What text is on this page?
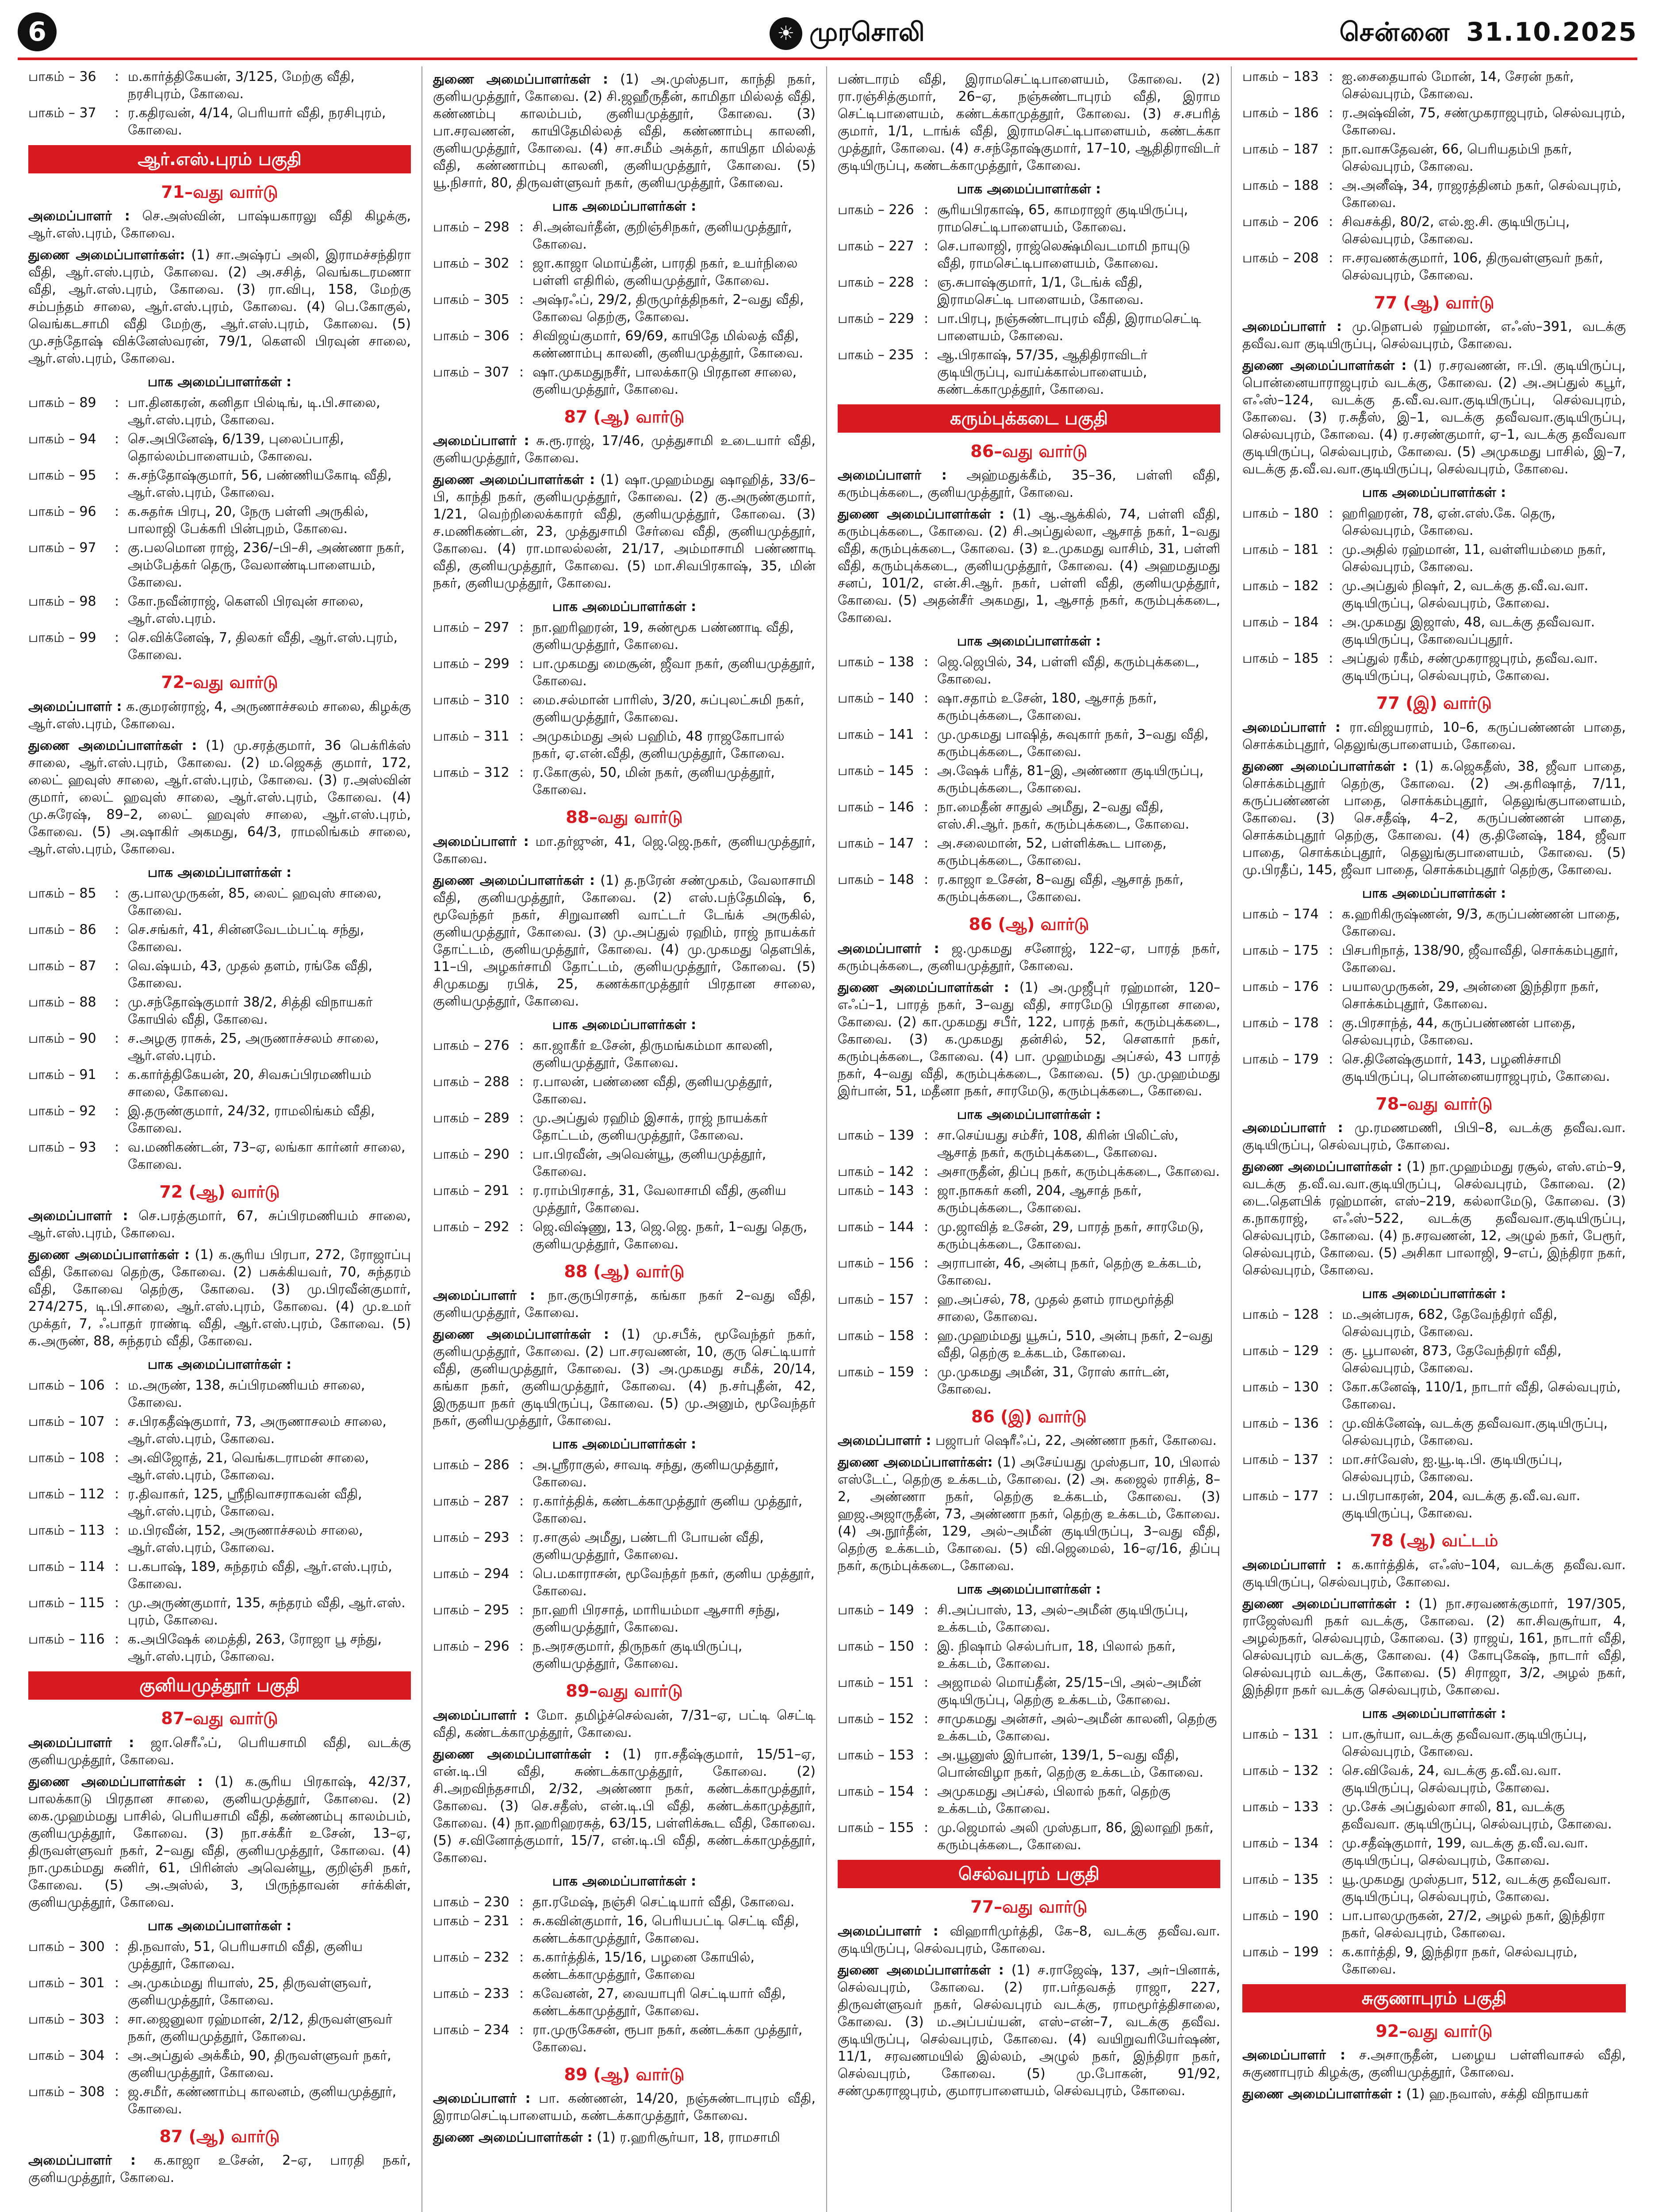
6	☀ முரசொலி	சென்னை 31.10.2025
பாகம் – 36	: ம.கார்த்திகேயன், 3/125, மேற்கு வீதி, நரசிபுரம், கோவை.
பாகம் – 37	: ர.கதிரவன், 4/14, பெரியார் வீதி, நரசிபுரம், கோவை.
ஆர்.எஸ்.புரம் பகுதி
71–வது வார்டு
அமைப்பாளர் : செ.அஸ்வின், பாஷ்யகாரலு வீதி கிழக்கு, ஆர்.எஸ்.புரம், கோவை.
துணை அமைப்பாளர்கள்: (1) சா.அஷ்ரப் அலி, இராமச்சந்திரா வீதி, ஆர்.எஸ்.புரம், கோவை. (2) அ.சசித், வெங்கடரமணா வீதி, ஆர்.எஸ்.புரம், கோவை. (3) ரா.விபு, 158, மேற்கு சம்பந்தம் சாலை, ஆர்.எஸ்.புரம், கோவை. (4) பெ.கோகுல், வெங்கடசாமி வீதி மேற்கு, ஆர்.எஸ்.புரம், கோவை. (5) மு.சந்தோஷ் விக்னேஸ்வரன், 79/1, கௌலி பிரவுன் சாலை, ஆர்.எஸ்.புரம், கோவை.
பாக அமைப்பாளர்கள் :
பாகம் – 89	: பா.தினகரன், கனிதா பில்டிங், டி.பி.சாலை, ஆர்.எஸ்.புரம், கோவை.
பாகம் – 94	: செ.அபினேஷ், 6/139, புலைப்பாதி, தொல்லம்பாளையம், கோவை.
பாகம் – 95	: சு.சந்தோஷ்குமார், 56, பண்ணியகோடி வீதி, ஆர்.எஸ்.புரம், கோவை.
பாகம் – 96	: க.சுதர்சு பிரபு, 20, நேரு பள்ளி அருகில், பாலாஜி பேக்கரி பின்புறம், கோவை.
பாகம் – 97	: கு.பலமொன ராஜ், 236/–பி–சி, அண்ணா நகர், அம்பேத்கர் தெரு, வேலாண்டிபாளையம், கோவை.
பாகம் – 98	: கோ.நவீன்ராஜ், கௌலி பிரவுன் சாலை, ஆர்.எஸ்.புரம்.
பாகம் – 99	: செ.விக்னேஷ், 7, திலகர் வீதி, ஆர்.எஸ்.புரம், கோவை.
72–வது வார்டு
அமைப்பாளர் : க.குமரன்ராஜ், 4, அருணாச்சலம் சாலை, கிழக்கு ஆர்.எஸ்.புரம், கோவை.
துணை அமைப்பாளர்கள் : (1) மு.சரத்குமார், 36 பெக்ரிக்ஸ் சாலை, ஆர்.எஸ்.புரம், கோவை. (2) ம.ஜெகத் குமார், 172, லைட் ஹவுஸ் சாலை, ஆர்.எஸ்.புரம், கோவை. (3) ர.அஸ்வின் குமார், லைட் ஹவுஸ் சாலை, ஆர்.எஸ்.புரம், கோவை. (4) மு.சுரேஷ், 89–2, லைட் ஹவுஸ் சாலை, ஆர்.எஸ்.புரம், கோவை. (5) அ.ஷாகிர் அகமது, 64/3, ராமலிங்கம் சாலை, ஆர்.எஸ்.புரம், கோவை.
பாக அமைப்பாளர்கள் :
பாகம் – 85	: கு.பாலமுருகன், 85, லைட் ஹவுஸ் சாலை, கோவை.
பாகம் – 86	: செ.சங்கர், 41, சின்னவேடம்பட்டி சந்து, கோவை.
பாகம் – 87	: வெ.ஷ்யம், 43, முதல் தளம், ரங்கே வீதி, கோவை.
பாகம் – 88	: மு.சந்தோஷ்குமார் 38/2, சித்தி விநாயகர் கோயில் வீதி, கோவை.
பாகம் – 90	: ச.அழகு ராசுக், 25, அருணாச்சலம் சாலை, ஆர்.எஸ்.புரம்.
பாகம் – 91	: க.கார்த்திகேயன், 20, சிவசுப்பிரமணியம் சாலை, கோவை.
பாகம் – 92	: இ.தருண்குமார், 24/32, ராமலிங்கம் வீதி, கோவை.
பாகம் – 93	: வ.மணிகண்டன், 73–ஏ, லங்கா கார்னர் சாலை, கோவை.
72 (ஆ) வார்டு
அமைப்பாளர் : செ.பரத்குமார், 67, சுப்பிரமணியம் சாலை, ஆர்.எஸ்.புரம், கோவை.
துணை அமைப்பாளர்கள் : (1) க.சூரிய பிரபா, 272, ரோஜாப்பு வீதி, கோவை தெற்கு, கோவை. (2) பசுக்கியவர், 70, சுந்தரம் வீதி, கோவை தெற்கு, கோவை. (3) மு.பிரவீன்குமார், 274/275, டி.பி.சாலை, ஆர்.எஸ்.புரம், கோவை. (4) மு.உமர் முக்தர், 7, ஃபாதர் ராண்டி வீதி, ஆர்.எஸ்.புரம், கோவை. (5) க.அருண், 88, சுந்தரம் வீதி, கோவை.
பாக அமைப்பாளர்கள் :
பாகம் – 106 : ம.அருண், 138, சுப்பிரமணியம் சாலை, கோவை.
பாகம் – 107 : ச.பிரகதீஷ்குமார், 73, அருணாசலம் சாலை, ஆர்.எஸ்.புரம், கோவை.
பாகம் – 108 : அ.விஜோத், 21, வெங்கடராமன் சாலை, ஆர்.எஸ்.புரம், கோவை.
பாகம் – 112 : ர.திவாகர், 125, ஸ்ரீநிவாசராகவன் வீதி, ஆர்.எஸ்.புரம், கோவை.
பாகம் – 113 : ம.பிரவீன், 152, அருணாச்சலம் சாலை, ஆர்.எஸ்.புரம், கோவை.
பாகம் – 114 : ப.கபாஷ், 189, சுந்தரம் வீதி, ஆர்.எஸ்.புரம், கோவை.
பாகம் – 115 : மு.அருண்குமார், 135, சுந்தரம் வீதி, ஆர்.எஸ். புரம், கோவை.
பாகம் – 116 : க.அபிஷேக் மைத்தி, 263, ரோஜா பூ சந்து, ஆர்.எஸ்.புரம், கோவை.
குனியமுத்தூர் பகுதி
87–வது வார்டு
அமைப்பாளர் : ஜா.செரீஃப், பெரியசாமி வீதி, வடக்கு குனியமுத்தூர், கோவை.
துணை அமைப்பாளர்கள் : (1) க.சூரிய பிரகாஷ், 42/37, பாலக்காடு பிரதான சாலை, குனியமுத்தூர், கோவை. (2) கை.முஹம்மது பாசில், பெரியசாமி வீதி, கண்ணம்பு காலம்பம், குனியமுத்தூர், கோவை. (3) நா.சக்கீர் உசேன், 13–ஏ, திருவள்ளுவர் நகர், 2–வது வீதி, குனியமுத்தூர், கோவை. (4) நா.முகம்மது சுனிர், 61, பிரின்ஸ் அவென்யூ, குறிஞ்சி நகர், கோவை. (5) அ.அஸ்ல், 3, பிருந்தாவன் சர்க்கிள், குனியமுத்தூர், கோவை.
பாக அமைப்பாளர்கள் :
பாகம் – 300 : தி.நவாஸ், 51, பெரியசாமி வீதி, குனிய முத்தூர், கோவை.
பாகம் – 301 : அ.முகம்மது ரியாஸ், 25, திருவள்ளுவர், குனியமுத்தூர், கோவை.
பாகம் – 303 : சா.ஜைனுலா ரஹ்மான், 2/12, திருவள்ளுவர் நகர், குனியமுத்தூர், கோவை.
பாகம் – 304 : அ.அப்துல் அக்கீம், 90, திருவள்ளுவர் நகர், குனியமுத்தூர், கோவை.
பாகம் – 308 : ஜ.சமீர், கண்ணாம்பு காலனம், குனியமுத்தூர், கோவை.
87 (ஆ) வார்டு
அமைப்பாளர் : க.காஜா உசேன், 2–ஏ, பாரதி நகர், குனியமுத்தூர், கோவை.
துணை அமைப்பாளர்கள் : (1) அ.முஸ்தபா, காந்தி நகர், குனியமுத்தூர், கோவை. (2) சி.ஜஹீருதீன், காமிதா மில்லத் வீதி, கண்ணம்பு காலம்பம், குனியமுத்தூர், கோவை. (3) பா.சரவணன், காயிதேமில்லத் வீதி, கண்ணாம்பு காலனி, குனியமுத்தூர், கோவை. (4) சா.சமீம் அக்தர், காயிதா மில்லத் வீதி, கண்ணாம்பு காலனி, குனியமுத்தூர், கோவை. (5) யூ.நிசார், 80, திருவள்ளுவர் நகர், குனியமுத்தூர், கோவை.
பாக அமைப்பாளர்கள் :
பாகம் – 298 : சி.அன்வர்தீன், குறிஞ்சிநகர், குனியமுத்தூர், கோவை.
பாகம் – 302 : ஜா.காஜா மொய்தீன், பாரதி நகர், உயர்நிலை பள்ளி எதிரில், குனியமுத்தூர், கோவை.
பாகம் – 305 : அஷ்ரஃப், 29/2, திருமுர்த்திநகர், 2–வது வீதி, கோவை தெற்கு, கோவை.
பாகம் – 306 : சிவிஜய்குமார், 69/69, காயிதே மில்லத் வீதி, கண்ணாம்பு காலனி, குனியமுத்தூர், கோவை.
பாகம் – 307 : ஷா.முகமதுநசீர், பாலக்காடு பிரதான சாலை, குனியமுத்தூர், கோவை.
87 (ஆ) வார்டு
அமைப்பாளர் : சு.ரூ.ராஜ், 17/46, முத்துசாமி உடையார் வீதி, குனியமுத்தூர், கோவை.
துணை அமைப்பாளர்கள் : (1) ஷா.முஹம்மது ஷாஹித், 33/6–பி, காந்தி நகர், குனியமுத்தூர், கோவை. (2) கு.அருண்குமார், 1/21, வெற்றிலைக்காரர் வீதி, குனியமுத்தூர், கோவை. (3) ச.மணிகண்டன், 23, முத்துசாமி சேர்வை வீதி, குனியமுத்தூர், கோவை. (4) ரா.மாலல்லன், 21/17, அம்மாசாமி பண்ணாடி வீதி, குனியமுத்தூர், கோவை. (5) மா.சிவபிரகாஷ், 35, மின் நகர், குனியமுத்தூர், கோவை.
பாக அமைப்பாளர்கள் :
பாகம் – 297 : நா.ஹரிஹரன், 19, சுண்மூக பண்ணாடி வீதி, குனியமுத்தூர், கோவை.
பாகம் – 299 : பா.முகமது மைசூன், ஜீவா நகர், குனியமுத்தூர், கோவை.
பாகம் – 310 : மை.சல்மான் பாரிஸ், 3/20, சுப்புலட்சுமி நகர், குனியமுத்தூர், கோவை.
பாகம் – 311 : அமுகம்மது அல் பஹிம், 48 ராஜகோபால் நகர், ஏ.என்.வீதி, குனியமுத்தூர், கோவை.
பாகம் – 312 : ர.கோகுல், 50, மின் நகர், குனியமுத்தூர், கோவை.
88–வது வார்டு
அமைப்பாளர் : மா.தர்ஜுன், 41, ஜெ.ஜெ.நகர், குனியமுத்தூர், கோவை.
துணை அமைப்பாளர்கள் : (1) த.நரேன் சண்முகம், வேலாசாமி வீதி, குனியமுத்தூர், கோவை. (2) எஸ்.பந்தேமிஷ், 6, மூவேந்தர் நகர், சிறுவாணி வாட்டர் டேங்க் அருகில், குனியமுத்தூர், கோவை. (3) மு.அப்துல் ரஹிம், ராஜ் நாயக்கர் தோட்டம், குனியமுத்தூர், கோவை. (4) மு.முகமது தௌபிக், 11–பி, அழகர்சாமி தோட்டம், குனியமுத்தூர், கோவை. (5) சிமுகமது ரபிக், 25, கணக்காமுத்தூர் பிரதான சாலை, குனியமுத்தூர், கோவை.
பாக அமைப்பாளர்கள் :
பாகம் – 276 : கா.ஜாகீர் உசேன், திருமங்கம்மா காலனி, குனியமுத்தூர், கோவை.
பாகம் – 288 : ர.பாலன், பண்ணை வீதி, குனியமுத்தூர், கோவை.
பாகம் – 289 : மு.அப்துல் ரஹிம் இசாக், ராஜ் நாயக்கர் தோட்டம், குனியமுத்தூர், கோவை.
பாகம் – 290 : பா.பிரவீன், அவென்யூ, குனியமுத்தூர், கோவை.
பாகம் – 291 : ர.ராம்பிரசாத், 31, வேலாசாமி வீதி, குனிய முத்தூர், கோவை.
பாகம் – 292 : ஜெ.விஷ்ணு, 13, ஜெ.ஜெ. நகர், 1–வது தெரு, குனியமுத்தூர், கோவை.
88 (ஆ) வார்டு
அமைப்பாளர் : நா.குருபிரசாத், கங்கா நகர் 2–வது வீதி, குனியமுத்தூர், கோவை.
துணை அமைப்பாளர்கள் : (1) மு.சபீக், மூவேந்தர் நகர், குனியமுத்தூர், கோவை. (2) பா.சரவணன், 10, குரு செட்டியார் வீதி, குனியமுத்தூர், கோவை. (3) அ.முகமது சமீக், 20/14, கங்கா நகர், குனியமுத்தூர், கோவை. (4) ந.சர்புதீன், 42, இருதயா நகர் குடியிருப்பு, கோவை. (5) மு.அனும், மூவேந்தர் நகர், குனியமுத்தூர், கோவை.
பாக அமைப்பாளர்கள் :
பாகம் – 286 : அ.ஸ்ரீராகுல், சாவடி சந்து, குனியமுத்தூர், கோவை.
பாகம் – 287 : ர.கார்த்திக், கண்டக்காமுத்தூர் குனிய முத்தூர், கோவை.
பாகம் – 293 : ர.சாகுல் அமீது, பண்டரி போயன் வீதி, குனியமுத்தூர், கோவை.
பாகம் – 294 : பெ.மகாராசன், மூவேந்தர் நகர், குனிய முத்தூர், கோவை.
பாகம் – 295 : நா.ஹரி பிரசாத், மாரியம்மா ஆசாரி சந்து, குனியமுத்தூர், கோவை.
பாகம் – 296 : ந.அரசகுமார், திருநகர் குடியிருப்பு, குனியமுத்தூர், கோவை.
89–வது வார்டு
அமைப்பாளர் : மோ. தமிழ்ச்செல்வன், 7/31–ஏ, பட்டி செட்டி வீதி, கண்டக்காமுத்தூர், கோவை.
துணை அமைப்பாளர்கள் : (1) ரா.சதீஷ்குமார், 15/51–ஏ, என்.டி.பி வீதி, சுண்டக்காமுத்தூர், கோவை. (2) சி.அறவிந்தசாமி, 2/32, அண்ணா நகர், கண்டக்காமுத்தூர், கோவை. (3) செ.சதீஸ், என்.டி.பி வீதி, கண்டக்காமுத்தூர், கோவை. (4) நா.ஹரிஹரசுத், 63/15, பள்ளிக்கூட வீதி, கோவை. (5) ச.வினோத்குமார், 15/7, என்.டி.பி வீதி, கண்டக்காமுத்தூர், கோவை.
பாக அமைப்பாளர்கள் :
பாகம் – 230 : தா.ரமேஷ், நஞ்சி செட்டியார் வீதி, கோவை.
பாகம் – 231 : சு.கவின்குமார், 16, பெரியபட்டி செட்டி வீதி, கண்டக்காமுத்தூர், கோவை.
பாகம் – 232 : க.கார்த்திக், 15/16, பழனை கோயில், கண்டக்காமுத்தூர், கோவை
பாகம் – 233 : கவேனன், 27, வையாபுரி செட்டியார் வீதி, கண்டக்காமுத்தூர், கோவை.
பாகம் – 234 : ரா.முருகேசன், ரூபா நகர், கண்டக்கா முத்தூர், கோவை.
89 (ஆ) வார்டு
அமைப்பாளர் : பா. கண்ணன், 14/20, நஞ்சுண்டாபுரம் வீதி, இராமசெட்டிபாளையம், கண்டக்காமுத்தூர், கோவை.
துணை அமைப்பாளர்கள் : (1) ர.ஹரிசூர்யா, 18, ராமசாமி
பண்டாரம் வீதி, இராமசெட்டிபாளையம், கோவை. (2) ரா.ரஞ்சித்குமார், 26–ஏ, நஞ்சுண்டாபுரம் வீதி, இராம செட்டிபாளையம், கண்டக்காமுத்தூர், கோவை. (3) ச.சபரித் குமார், 1/1, டாங்க் வீதி, இராமசெட்டிபாளையம், கண்டக்கா முத்தூர், கோவை. (4) ச.சந்தோஷ்குமார், 17–10, ஆதிதிராவிடர் குடியிருப்பு, கண்டக்காமுத்தூர், கோவை.
பாக அமைப்பாளர்கள் :
பாகம் – 226 : சூரியபிரகாஷ், 65, காமராஜர் குடியிருப்பு, ராமசெட்டிபாளையம், கோவை.
பாகம் – 227 : செ.பாலாஜி, ராஜ்லெக்ஷ்மிவடமாமி நாயுடு வீதி, ராமசெட்டிபாளையம், கோவை.
பாகம் – 228 : ஞ.சுபாஷ்குமார், 1/1, டேங்க் வீதி, இராமசெட்டி பாளையம், கோவை.
பாகம் – 229 : பா.பிரபு, நஞ்சுண்டாபுரம் வீதி, இராமசெட்டி பாளையம், கோவை.
பாகம் – 235 : ஆ.பிரகாஷ், 57/35, ஆதிதிராவிடர் குடியிருப்பு, வாய்க்கால்பாளையம், கண்டக்காமுத்தூர், கோவை.
கரும்புக்கடை பகுதி
86–வது வார்டு
அமைப்பாளர் : அஹ்மதுக்கீம், 35–36, பள்ளி வீதி, கரும்புக்கடை, குனியமுத்தூர், கோவை.
துணை அமைப்பாளர்கள் : (1) ஆ.ஆக்கில், 74, பள்ளி வீதி, கரும்புக்கடை, கோவை. (2) சி.அப்துல்லா, ஆசாத் நகர், 1–வது வீதி, கரும்புக்கடை, கோவை. (3) உ.முகமது வாசிம், 31, பள்ளி வீதி, கரும்புக்கடை, குனியமுத்தூர், கோவை. (4) அஹமதுமது சனப், 101/2, என்.சி.ஆர். நகர், பள்ளி வீதி, குனியமுத்தூர், கோவை. (5) அதன்சீர் அகமது, 1, ஆசாத் நகர், கரும்புக்கடை, கோவை.
பாக அமைப்பாளர்கள் :
பாகம் – 138 : ஜெ.ஜெபில், 34, பள்ளி வீதி, கரும்புக்கடை, கோவை.
பாகம் – 140 : ஷா.சதாம் உசேன், 180, ஆசாத் நகர், கரும்புக்கடை, கோவை.
பாகம் – 141 : மு.முகமது பாஷித், சுவுகார் நகர், 3–வது வீதி, கரும்புக்கடை, கோவை.
பாகம் – 145 : அ.ஷேக் பரீத், 81–இ, அண்ணா குடியிருப்பு, கரும்புக்கடை, கோவை.
பாகம் – 146 : நா.மைதீன் சாதுல் அமீது, 2–வது வீதி, எஸ்.சி.ஆர். நகர், கரும்புக்கடை, கோவை.
பாகம் – 147 : அ.சலைமான், 52, பள்ளிக்கூட பாதை, கரும்புக்கடை, கோவை.
பாகம் – 148 : ர.காஜா உசேன், 8–வது வீதி, ஆசாத் நகர், கரும்புக்கடை, கோவை.
86 (ஆ) வார்டு
அமைப்பாளர் : ஜ.முகமது சனோஜ், 122–ஏ, பாரத் நகர், கரும்புக்கடை, குனியமுத்தூர், கோவை.
துணை அமைப்பாளர்கள் : (1) அ.முஜீபுர் ரஹ்மான், 120–எஃப்–1, பாரத் நகர், 3–வது வீதி, சாரமேடு பிரதான சாலை, கோவை. (2) கா.முகமது சபீர், 122, பாரத் நகர், கரும்புக்கடை, கோவை. (3) க.முகமது தன்சில், 52, சௌகார் நகர், கரும்புக்கடை, கோவை. (4) பா. முஹம்மது அப்சல், 43 பாரத் நகர், 4–வது வீதி, கரும்புக்கடை, கோவை. (5) மு.முஹம்மது இர்பான், 51, மதீனா நகர், சாரமேடு, கரும்புக்கடை, கோவை.
பாக அமைப்பாளர்கள் :
பாகம் – 139 : சா.செய்யது சம்சீர், 108, கிரின் பிலிட்ஸ், ஆசாத் நகர், கரும்புக்கடை, கோவை.
பாகம் – 142 : அசாருதீன், திப்பு நகர், கரும்புக்கடை, கோவை.
பாகம் – 143 : ஜா.நாசுகர் கனி, 204, ஆசாத் நகர், கரும்புக்கடை, கோவை.
பாகம் – 144 : மு.ஜாவித் உசேன், 29, பாரத் நகர், சாரமேடு, கரும்புக்கடை, கோவை.
பாகம் – 156 : அராபான், 46, அன்பு நகர், தெற்கு உக்கடம், கோவை.
பாகம் – 157 : ஹ.அப்சல், 78, முதல் தளம் ராமமூர்த்தி சாலை, கோவை.
பாகம் – 158 : ஹ.முஹம்மது யூசுப், 510, அன்பு நகர், 2–வது வீதி, தெற்கு உக்கடம், கோவை.
பாகம் – 159 : மு.முகமது அமீன், 31, ரோஸ் கார்டன், கோவை.
86 (இ) வார்டு
அமைப்பாளர் : பஜாபர் ஷெரீஃப், 22, அண்ணா நகர், கோவை.
துணை அமைப்பாளர்கள்: (1) அசேய்யது முஸ்தபா, 10, பிலால் எஸ்டேட், தெற்கு உக்கடம், கோவை. (2) அ. கஜைல் ராசித், 8–2, அண்ணா நகர், தெற்கு உக்கடம், கோவை. (3) ஹஜ.அஜாருதீன், 73, அண்ணா நகர், தெற்கு உக்கடம், கோவை. (4) அ.நூர்தீன், 129, அல்–அமீன் குடியிருப்பு, 3–வது வீதி, தெற்கு உக்கடம், கோவை. (5) வி.ஜெமைல், 16–ஏ/16, திப்பு நகர், கரும்புக்கடை, கோவை.
பாக அமைப்பாளர்கள் :
பாகம் – 149 : சி.அப்பாஸ், 13, அல்–அமீன் குடியிருப்பு, உக்கடம், கோவை.
பாகம் – 150 : இ. நிஷாம் செல்பர்பா, 18, பிலால் நகர், உக்கடம், கோவை.
பாகம் – 151 : அஜாமல் மொய்தீன், 25/15–பி, அல்–அமீன் குடியிருப்பு, தெற்கு உக்கடம், கோவை.
பாகம் – 152 : சாமுகமது அன்சர், அல்–அமீன் காலனி, தெற்கு உக்கடம், கோவை.
பாகம் – 153 : அ.யூனுஸ் இர்பான், 139/1, 5–வது வீதி, பொன்விழா நகர், தெற்கு உக்கடம், கோவை.
பாகம் – 154 : அமுகமது அப்சல், பிலால் நகர், தெற்கு உக்கடம், கோவை.
பாகம் – 155 : மு.ஜெமால் அலி முஸ்தபா, 86, இலாஹி நகர், கரும்புக்கடை, கோவை.
செல்வபுரம் பகுதி
77–வது வார்டு
அமைப்பாளர் : விஹாரிமுர்த்தி, கே–8, வடக்கு தவீவ.வா. குடியிருப்பு, செல்வபுரம், கோவை.
துணை அமைப்பாளர்கள் : (1) ச.ராஜேஷ், 137, அர்–பினாக், செல்வபுரம், கோவை. (2) ரா.பர்தவசுத் ராஜா, 227, திருவள்ளுவர் நகர், செல்வபுரம் வடக்கு, ராமமூர்த்திசாலை, கோவை. (3) ம.அப்பய்யன், எஸ்–என்–7, வடக்கு தவீவ. குடியிருப்பு, செல்வபுரம், கோவை. (4) வயிறுவரியேர்ஷண், 11/1, சரவணமயில் இல்லம், அழுல் நகர், இந்திரா நகர், செல்வபுரம், கோவை. (5) மு.போகன், 91/92, சண்முகராஜபுரம், குமாரபாளையம், செல்வபுரம், கோவை.
பாகம் – 183 : ஐ.சைதையால் மோன், 14, சேரன் நகர், செல்வபுரம், கோவை.
பாகம் – 186 : ர.அஷ்வின், 75, சண்முகராஜபுரம், செல்வபுரம், கோவை.
பாகம் – 187 : நா.வாசுதேவன், 66, பெரியதம்பி நகர், செல்வபுரம், கோவை.
பாகம் – 188 : அ.அனீஷ், 34, ராஜரத்தினம் நகர், செல்வபுரம், கோவை.
பாகம் – 206 : சிவசக்தி, 80/2, எல்.ஐ.சி. குடியிருப்பு, செல்வபுரம், கோவை.
பாகம் – 208 : ஈ.சரவணக்குமார், 106, திருவள்ளுவர் நகர், செல்வபுரம், கோவை.
77 (ஆ) வார்டு
அமைப்பாளர் : மு.நௌபல் ரஹ்மான், எஃஸ்–391, வடக்கு தவீவ.வா குடியிருப்பு, செல்வபுரம், கோவை.
துணை அமைப்பாளர்கள் : (1) ர.சரவணன், ஈ.பி. குடியிருப்பு, பொன்னையாராஜபுரம் வடக்கு, கோவை. (2) அ.அப்துல் கபூர், எஃஸ்–124, வடக்கு த.வீ.வ.வா.குடியிருப்பு, செல்வபுரம், கோவை. (3) ர.சுதீஸ், இ–1, வடக்கு தவீவவா.குடியிருப்பு, செல்வபுரம், கோவை. (4) ர.சரண்குமார், ஏ–1, வடக்கு தவீவவா குடியிருப்பு, செல்வபுரம், கோவை. (5) அமுகமது பாசில், இ–7, வடக்கு த.வீ.வ.வா.குடியிருப்பு, செல்வபுரம், கோவை.
பாக அமைப்பாளர்கள் :
பாகம் – 180 : ஹரிஹரன், 78, ஏன்.எஸ்.கே. தெரு, செல்வபுரம், கோவை.
பாகம் – 181 : மு.அதில் ரஹ்மான், 11, வள்ளியம்மை நகர், செல்வபுரம், கோவை.
பாகம் – 182 : மு.அப்துல் நிஷர், 2, வடக்கு த.வீ.வ.வா. குடியிருப்பு, செல்வபுரம், கோவை.
பாகம் – 184 : அ.முகமது இஜாஸ், 48, வடக்கு தவீவவா. குடியிருப்பு, கோவைப்புதூர்.
பாகம் – 185 : அப்துல் ரகீம், சண்முகராஜபுரம், தவீவ.வா. குடியிருப்பு, செல்வபுரம், கோவை.
77 (இ) வார்டு
அமைப்பாளர் : ரா.விஜயராம், 10–6, கருப்பண்ணன் பாதை, சொக்கம்புதூர், தெலுங்குபாளையம், கோவை.
துணை அமைப்பாளர்கள் : (1) க.ஜெகதீஸ், 38, ஜீவா பாதை, சொக்கம்புதூர் தெற்கு, கோவை. (2) அ.தரிஷாத், 7/11, கருப்பண்ணன் பாதை, சொக்கம்புதூர், தெலுங்குபாளையம், கோவை. (3) செ.சதீஷ், 4–2, கருப்பண்ணன் பாதை, சொக்கம்புதூர் தெற்கு, கோவை. (4) கு.தினேஷ், 184, ஜீவா பாதை, சொக்கம்புதூர், தெலுங்குபாளையம், கோவை. (5) மு.பிரதீப், 145, ஜீவா பாதை, சொக்கம்புதூர் தெற்கு, கோவை.
பாக அமைப்பாளர்கள் :
பாகம் – 174 : க.ஹரிகிருஷ்ணன், 9/3, கருப்பண்ணன் பாதை, கோவை.
பாகம் – 175 : பிசபரிநாத், 138/90, ஜீவாவீதி, சொக்கம்புதூர், கோவை.
பாகம் – 176 : பயாலமுருகன், 29, அன்னை இந்திரா நகர், சொக்கம்புதூர், கோவை.
பாகம் – 178 : கு.பிரசாந்த், 44, கருப்பண்ணன் பாதை, செல்வபுரம், கோவை.
பாகம் – 179 : செ.தினேஷ்குமார், 143, பழனிச்சாமி குடியிருப்பு, பொன்னையராஜபுரம், கோவை.
78–வது வார்டு
அமைப்பாளர் : மு.ரமணமணி, பிபி–8, வடக்கு தவீவ.வா. குடியிருப்பு, செல்வபுரம், கோவை.
துணை அமைப்பாளர்கள் : (1) நா.முஹம்மது ரசூல், எஸ்.எம்–9, வடக்கு த.வீ.வ.வா.குடியிருப்பு, செல்வபுரம், கோவை. (2) டை.தெளபிக் ரஹ்மான், எஸ்–219, கல்லாமேடு, கோவை. (3) க.நாகராஜ், எஃஸ்–522, வடக்கு தவீவவா.குடியிருப்பு, செல்வபுரம், கோவை. (4) ந.சரவணன், 12, அழுல் நகர், பேரூர், செல்வபுரம், கோவை. (5) அசிகா பாலாஜி, 9–எப், இந்திரா நகர், செல்வபுரம், கோவை.
பாக அமைப்பாளர்கள் :
பாகம் – 128 : ம.அன்பரசு, 682, தேவேந்திரர் வீதி, செல்வபுரம், கோவை.
பாகம் – 129 : கு. பூபாலன், 873, தேவேந்திரர் வீதி, செல்வபுரம், கோவை.
பாகம் – 130 : கோ.கனேஷ், 110/1, நாடார் வீதி, செல்வபுரம், கோவை.
பாகம் – 136 : மு.விக்னேஷ், வடக்கு தவீவவா.குடியிருப்பு, செல்வபுரம், கோவை.
பாகம் – 137 : மா.சர்வேஸ், ஐ.யூ.டி.பி. குடியிருப்பு, செல்வபுரம், கோவை.
பாகம் – 177 : ப.பிரபாகரன், 204, வடக்கு த.வீ.வ.வா. குடியிருப்பு, கோவை.
78 (ஆ) வட்டம்
அமைப்பாளர் : க.கார்த்திக், எஃஸ்–104, வடக்கு தவீவ.வா. குடியிருப்பு, செல்வபுரம், கோவை.
துணை அமைப்பாளர்கள் : (1) நா.சரவணக்குமார், 197/305, ராஜேஸ்வரி நகர் வடக்கு, கோவை. (2) கா.சிவசூர்யா, 4, அழல்நகர், செல்வபுரம், கோவை. (3) ராஜய், 161, நாடார் வீதி, செல்வபுரம் வடக்கு, கோவை. (4) கோபுகேஷ், நாடார் வீதி, செல்வபுரம் வடக்கு, கோவை. (5) சிராஜா, 3/2, அழல் நகர், இந்திரா நகர் வடக்கு செல்வபுரம், கோவை.
பாக அமைப்பாளர்கள் :
பாகம் – 131 : பா.சூர்யா, வடக்கு தவீவவா.குடியிருப்பு, செல்வபுரம், கோவை.
பாகம் – 132 : செ.விவேக், 24, வடக்கு த.வீ.வ.வா. குடியிருப்பு, செல்வபுரம், கோவை.
பாகம் – 133 : மு.சேக் அப்துல்லா சாலி, 81, வடக்கு தவீவவா. குடியிருப்பு, செல்வபுரம், கோவை.
பாகம் – 134 : மு.சதீஷ்குமார், 199, வடக்கு த.வீ.வ.வா. குடியிருப்பு, செல்வபுரம், கோவை.
பாகம் – 135 : யூ.முகமது முஸ்தபா, 512, வடக்கு தவீவவா. குடியிருப்பு, செல்வபுரம், கோவை.
பாகம் – 190 : பா.பாலமுருகன், 27/2, அழல் நகர், இந்திரா நகர், செல்வபுரம், கோவை.
பாகம் – 199 : க.கார்த்தி, 9, இந்திரா நகர், செல்வபுரம், கோவை.
சுகுணாபுரம் பகுதி
92–வது வார்டு
அமைப்பாளர் : ச.அசாருதீன், பழைய பள்ளிவாசல் வீதி, சுகுணாபுரம் கிழக்கு, குனியமுத்தூர், கோவை.
துணை அமைப்பாளர்கள் : (1) ஹ.நவாஸ், சக்தி விநாயகர்
